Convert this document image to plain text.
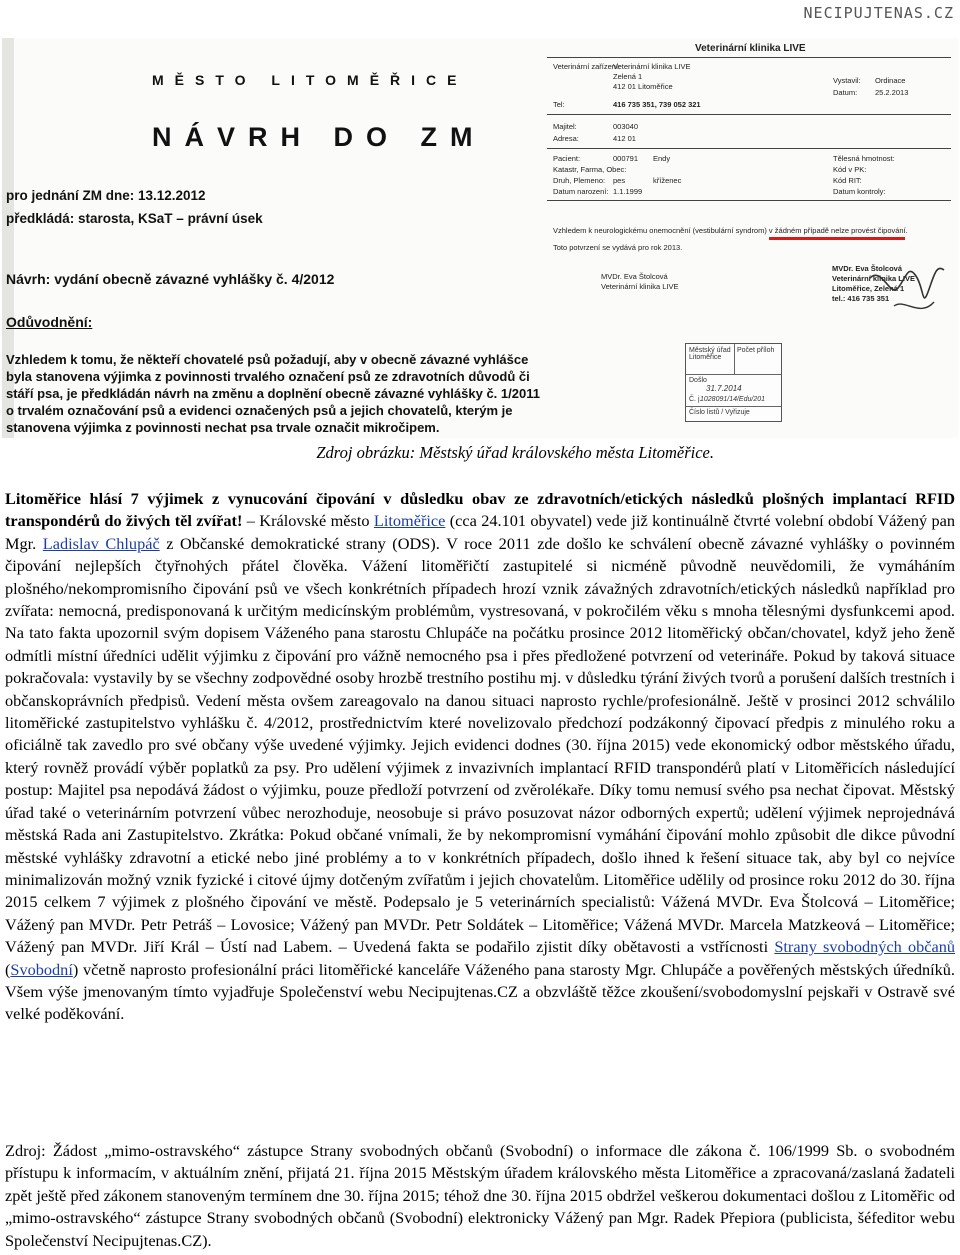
NECIPUJTENAS.CZ
MĚSTO LITOMĚŘICE
NÁVRH DO ZM
pro jednání ZM dne: 13.12.2012
předkládá: starosta, KSaT – právní úsek
Návrh: vydání obecně závazné vyhlášky č. 4/2012
Odůvodnění:
Vzhledem k tomu, že někteří chovatelé psů požadují, aby v obecně závazné vyhlášce byla stanovena výjimka z povinnosti trvalého označení psů ze zdravotních důvodů či stáří psa, je předkládán návrh na změnu a doplnění obecně závazné vyhlášky č. 1/2011 o trvalém označování psů a evidenci označených psů a jejich chovatelů, kterým je stanovena výjimka z povinnosti nechat psa trvale označit mikročipem.
Veterinární klinika LIVE
Veterinární zařízení:
Veterinární klinika LIVE
Zelená 1
412 01 Litoměřice
Tel:	416 735 351, 739 052 321
Vystavil: Ordinace
Datum: 25.2.2013
Majitel:	003040
Adresa:	412 01
Pacient:	000791 Endy
Katastr, Farma, Obec:
Druh, Plemeno: pes	kříženec
Datum narození: 1.1.1999
Tělesná hmotnost:
Kód v PK:
Kód RIT:
Datum kontroly:
Vzhledem k neurologickému onemocnění (vestibulární syndrom) v žádném případě nelze provést čipování.
Toto potvrzení se vydává pro rok 2013.
MVDr. Eva Štolcová
Veterinární klinika LIVE
MVDr. Eva Štolcová
Veterinární klinika LIVE
Litoměřice, Zelená 1
tel.: 416 735 351
Městský úřad Litoměřice
Počet příloh
Došlo
31.7.2014
Č. j.
1028091/14/Edu/201
Číslo listů / Vyřizuje
Zdroj obrázku: Městský úřad královského města Litoměřice.
Litoměřice hlásí 7 výjimek z vynucování čipování v důsledku obav ze zdravotních/etických následků plošných implantací RFID transpondérů do živých těl zvířat! – Královské město Litoměřice (cca 24.101 obyvatel) vede již kontinuálně čtvrté volební období Vážený pan Mgr. Ladislav Chlupáč z Občanské demokratické strany (ODS). V roce 2011 zde došlo ke schválení obecně závazné vyhlášky o povinném čipování nejlepších čtyřnohých přátel člověka. Vážení litoměřičtí zastupitelé si nicméně původně neuvědomili, že vymáháním plošného/nekompromisního čipování psů ve všech konkrétních případech hrozí vznik závažných zdravotních/etických následků například pro zvířata: nemocná, predisponovaná k určitým medicínským problémům, vystresovaná, v pokročilém věku s mnoha tělesnými dysfunkcemi apod. Na tato fakta upozornil svým dopisem Váženého pana starostu Chlupáče na počátku prosince 2012 litoměřický občan/chovatel, když jeho ženě odmítli místní úředníci udělit výjimku z čipování pro vážně nemocného psa i přes předložené potvrzení od veterináře. Pokud by taková situace pokračovala: vystavily by se všechny zodpovědné osoby hrozbě trestního postihu mj. v důsledku týrání živých tvorů a porušení dalších trestních i občanskoprávních předpisů. Vedení města ovšem zareagovalo na danou situaci naprosto rychle/profesionálně. Ještě v prosinci 2012 schválilo litoměřické zastupitelstvo vyhlášku č. 4/2012, prostřednictvím které novelizovalo předchozí podzákonný čipovací předpis z minulého roku a oficiálně tak zavedlo pro své občany výše uvedené výjimky. Jejich evidenci dodnes (30. října 2015) vede ekonomický odbor městského úřadu, který rovněž provádí výběr poplatků za psy. Pro udělení výjimek z invazivních implantací RFID transpondérů platí v Litoměřicích následující postup: Majitel psa nepodává žádost o výjimku, pouze předloží potvrzení od zvěrolékaře. Díky tomu nemusí svého psa nechat čipovat. Městský úřad také o veterinárním potvrzení vůbec nerozhoduje, neosobuje si právo posuzovat názor odborných expertů; udělení výjimek neprojednává městská Rada ani Zastupitelstvo. Zkrátka: Pokud občané vnímali, že by nekompromisní vymáhání čipování mohlo způsobit dle dikce původní městské vyhlášky zdravotní a etické nebo jiné problémy a to v konkrétních případech, došlo ihned k řešení situace tak, aby byl co nejvíce minimalizován možný vznik fyzické i citové újmy dotčeným zvířatům i jejich chovatelům. Litoměřice udělily od prosince roku 2012 do 30. října 2015 celkem 7 výjimek z plošného čipování ve městě. Podepsalo je 5 veterinárních specialistů: Vážená MVDr. Eva Štolcová – Litoměřice; Vážený pan MVDr. Petr Petráš – Lovosice; Vážený pan MVDr. Petr Soldátek – Litoměřice; Vážená MVDr. Marcela Matzkeová – Litoměřice; Vážený pan MVDr. Jiří Král – Ústí nad Labem. – Uvedená fakta se podařilo zjistit díky obětavosti a vstřícnosti Strany svobodných občanů (Svobodní) včetně naprosto profesionální práci litoměřické kanceláře Váženého pana starosty Mgr. Chlupáče a pověřených městských úředníků. Všem výše jmenovaným tímto vyjadřuje Společenství webu Necipujtenas.CZ a obzvláště těžce zkoušení/svobodomyslní pejskaři v Ostravě své velké poděkování.
Zdroj: Žádost „mimo-ostravského“ zástupce Strany svobodných občanů (Svobodní) o informace dle zákona č. 106/1999 Sb. o svobodném přístupu k informacím, v aktuálním znění, přijatá 21. října 2015 Městským úřadem královského města Litoměřice a zpracovaná/zaslaná žadateli zpět ještě před zákonem stanoveným termínem dne 30. října 2015; téhož dne 30. října 2015 obdržel veškerou dokumentaci došlou z Litoměřic od „mimo-ostravského“ zástupce Strany svobodných občanů (Svobodní) elektronicky Vážený pan Mgr. Radek Přepiora (publicista, šéfeditor webu Společenství Necipujtenas.CZ).
